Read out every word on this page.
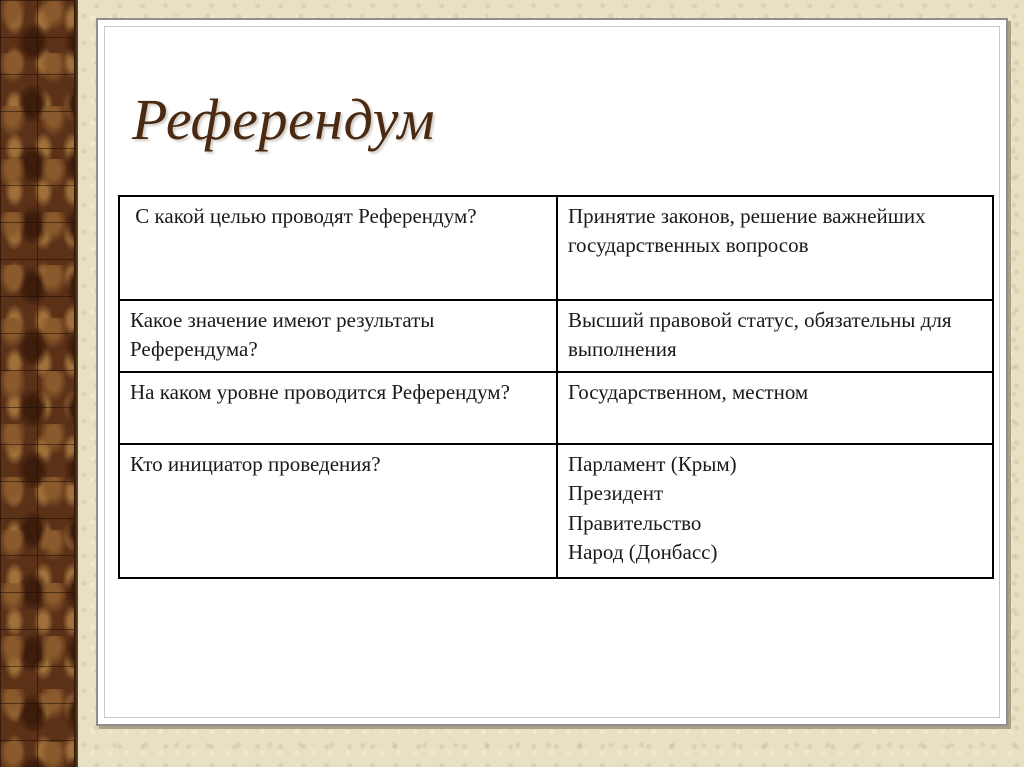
Референдум
С какой целью проводят Референдум?	Принятие законов, решение важнейших государственных вопросов

Какое значение имеют результаты Референдума?	Высший правовой статус, обязательны для выполнения

На каком уровне проводится Референдум?	Государственном, местном

Кто инициатор проведения?	Парламент (Крым)
Президент
Правительство
Народ (Донбасс)
